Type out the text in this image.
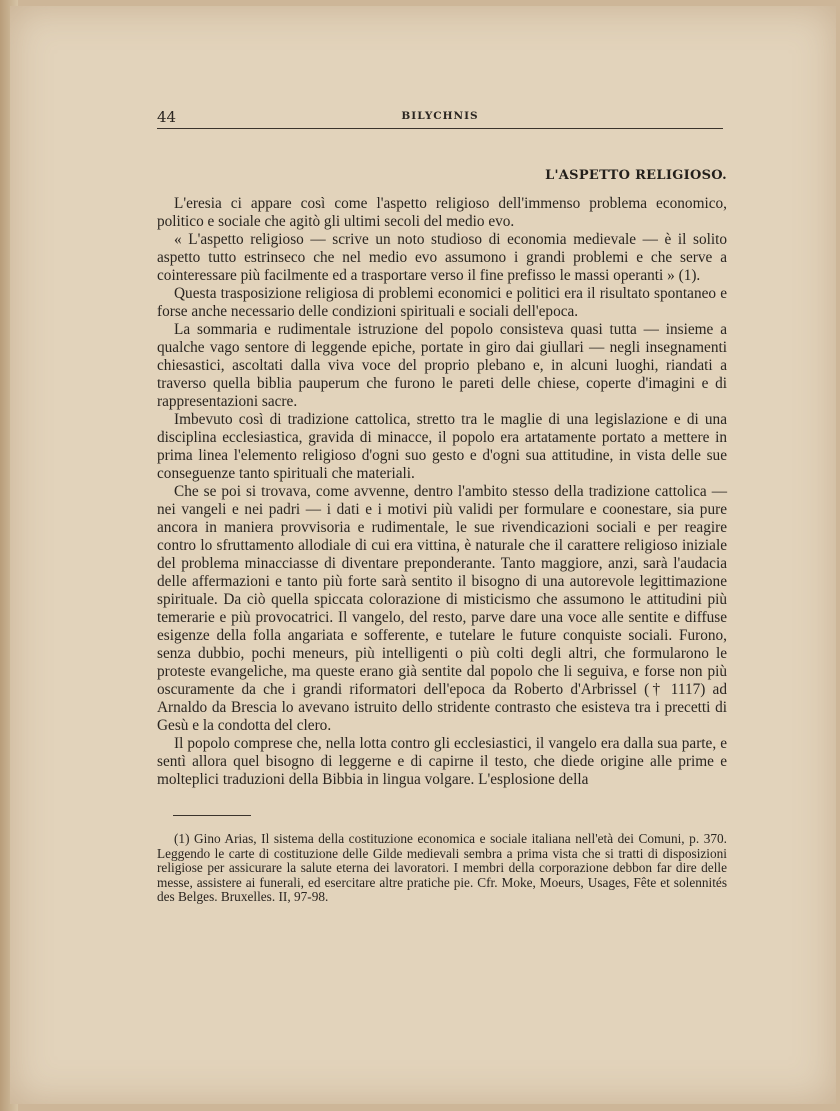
44	BILYCHNIS
L'ASPETTO RELIGIOSO.

L'eresia ci appare così come l'aspetto religioso dell'immenso problema economico, politico e sociale che agitò gli ultimi secoli del medio evo.

« L'aspetto religioso — scrive un noto studioso di economia medievale — è il solito aspetto tutto estrinseco che nel medio evo assumono i grandi problemi e che serve a cointeressare più facilmente ed a trasportare verso il fine prefisso le massi operanti » (1).

Questa trasposizione religiosa di problemi economici e politici era il risultato spontaneo e forse anche necessario delle condizioni spirituali e sociali dell'epoca.

La sommaria e rudimentale istruzione del popolo consisteva quasi tutta — insieme a qualche vago sentore di leggende epiche, portate in giro dai giullari — negli insegnamenti chiesastici, ascoltati dalla viva voce del proprio plebano e, in alcuni luoghi, riandati a traverso quella biblia pauperum che furono le pareti delle chiese, coperte d'imagini e di rappresentazioni sacre.

Imbevuto così di tradizione cattolica, stretto tra le maglie di una legislazione e di una disciplina ecclesiastica, gravida di minacce, il popolo era artatamente portato a mettere in prima linea l'elemento religioso d'ogni suo gesto e d'ogni sua attitudine, in vista delle sue conseguenze tanto spirituali che materiali.

Che se poi si trovava, come avvenne, dentro l'ambito stesso della tradizione cattolica — nei vangeli e nei padri — i dati e i motivi più validi per formulare e coonestare, sia pure ancora in maniera provvisoria e rudimentale, le sue rivendicazioni sociali e per reagire contro lo sfruttamento allodiale di cui era vittina, è naturale che il carattere religioso iniziale del problema minacciasse di diventare preponderante. Tanto maggiore, anzi, sarà l'audacia delle affermazioni e tanto più forte sarà sentito il bisogno di una autorevole legittimazione spirituale. Da ciò quella spiccata colorazione di misticismo che assumono le attitudini più temerarie e più provocatrici. Il vangelo, del resto, parve dare una voce alle sentite e diffuse esigenze della folla angariata e sofferente, e tutelare le future conquiste sociali. Furono, senza dubbio, pochi meneurs, più intelligenti o più colti degli altri, che formularono le proteste evangeliche, ma queste erano già sentite dal popolo che li seguiva, e forse non più oscuramente da che i grandi riformatori dell'epoca da Roberto d'Arbrissel († 1117) ad Arnaldo da Brescia lo avevano istruito dello stridente contrasto che esisteva tra i precetti di Gesù e la condotta del clero.

Il popolo comprese che, nella lotta contro gli ecclesiastici, il vangelo era dalla sua parte, e sentì allora quel bisogno di leggerne e di capirne il testo, che diede origine alle prime e molteplici traduzioni della Bibbia in lingua volgare. L'esplosione della

(1) Gino Arias, Il sistema della costituzione economica e sociale italiana nell'età dei Comuni, p. 370. Leggendo le carte di costituzione delle Gilde medievali sembra a prima vista che si tratti di disposizioni religiose per assicurare la salute eterna dei lavoratori. I membri della corporazione debbon far dire delle messe, assistere ai funerali, ed esercitare altre pratiche pie. Cfr. Moke, Moeurs, Usages, Fête et solennités des Belges. Bruxelles. II, 97-98.
